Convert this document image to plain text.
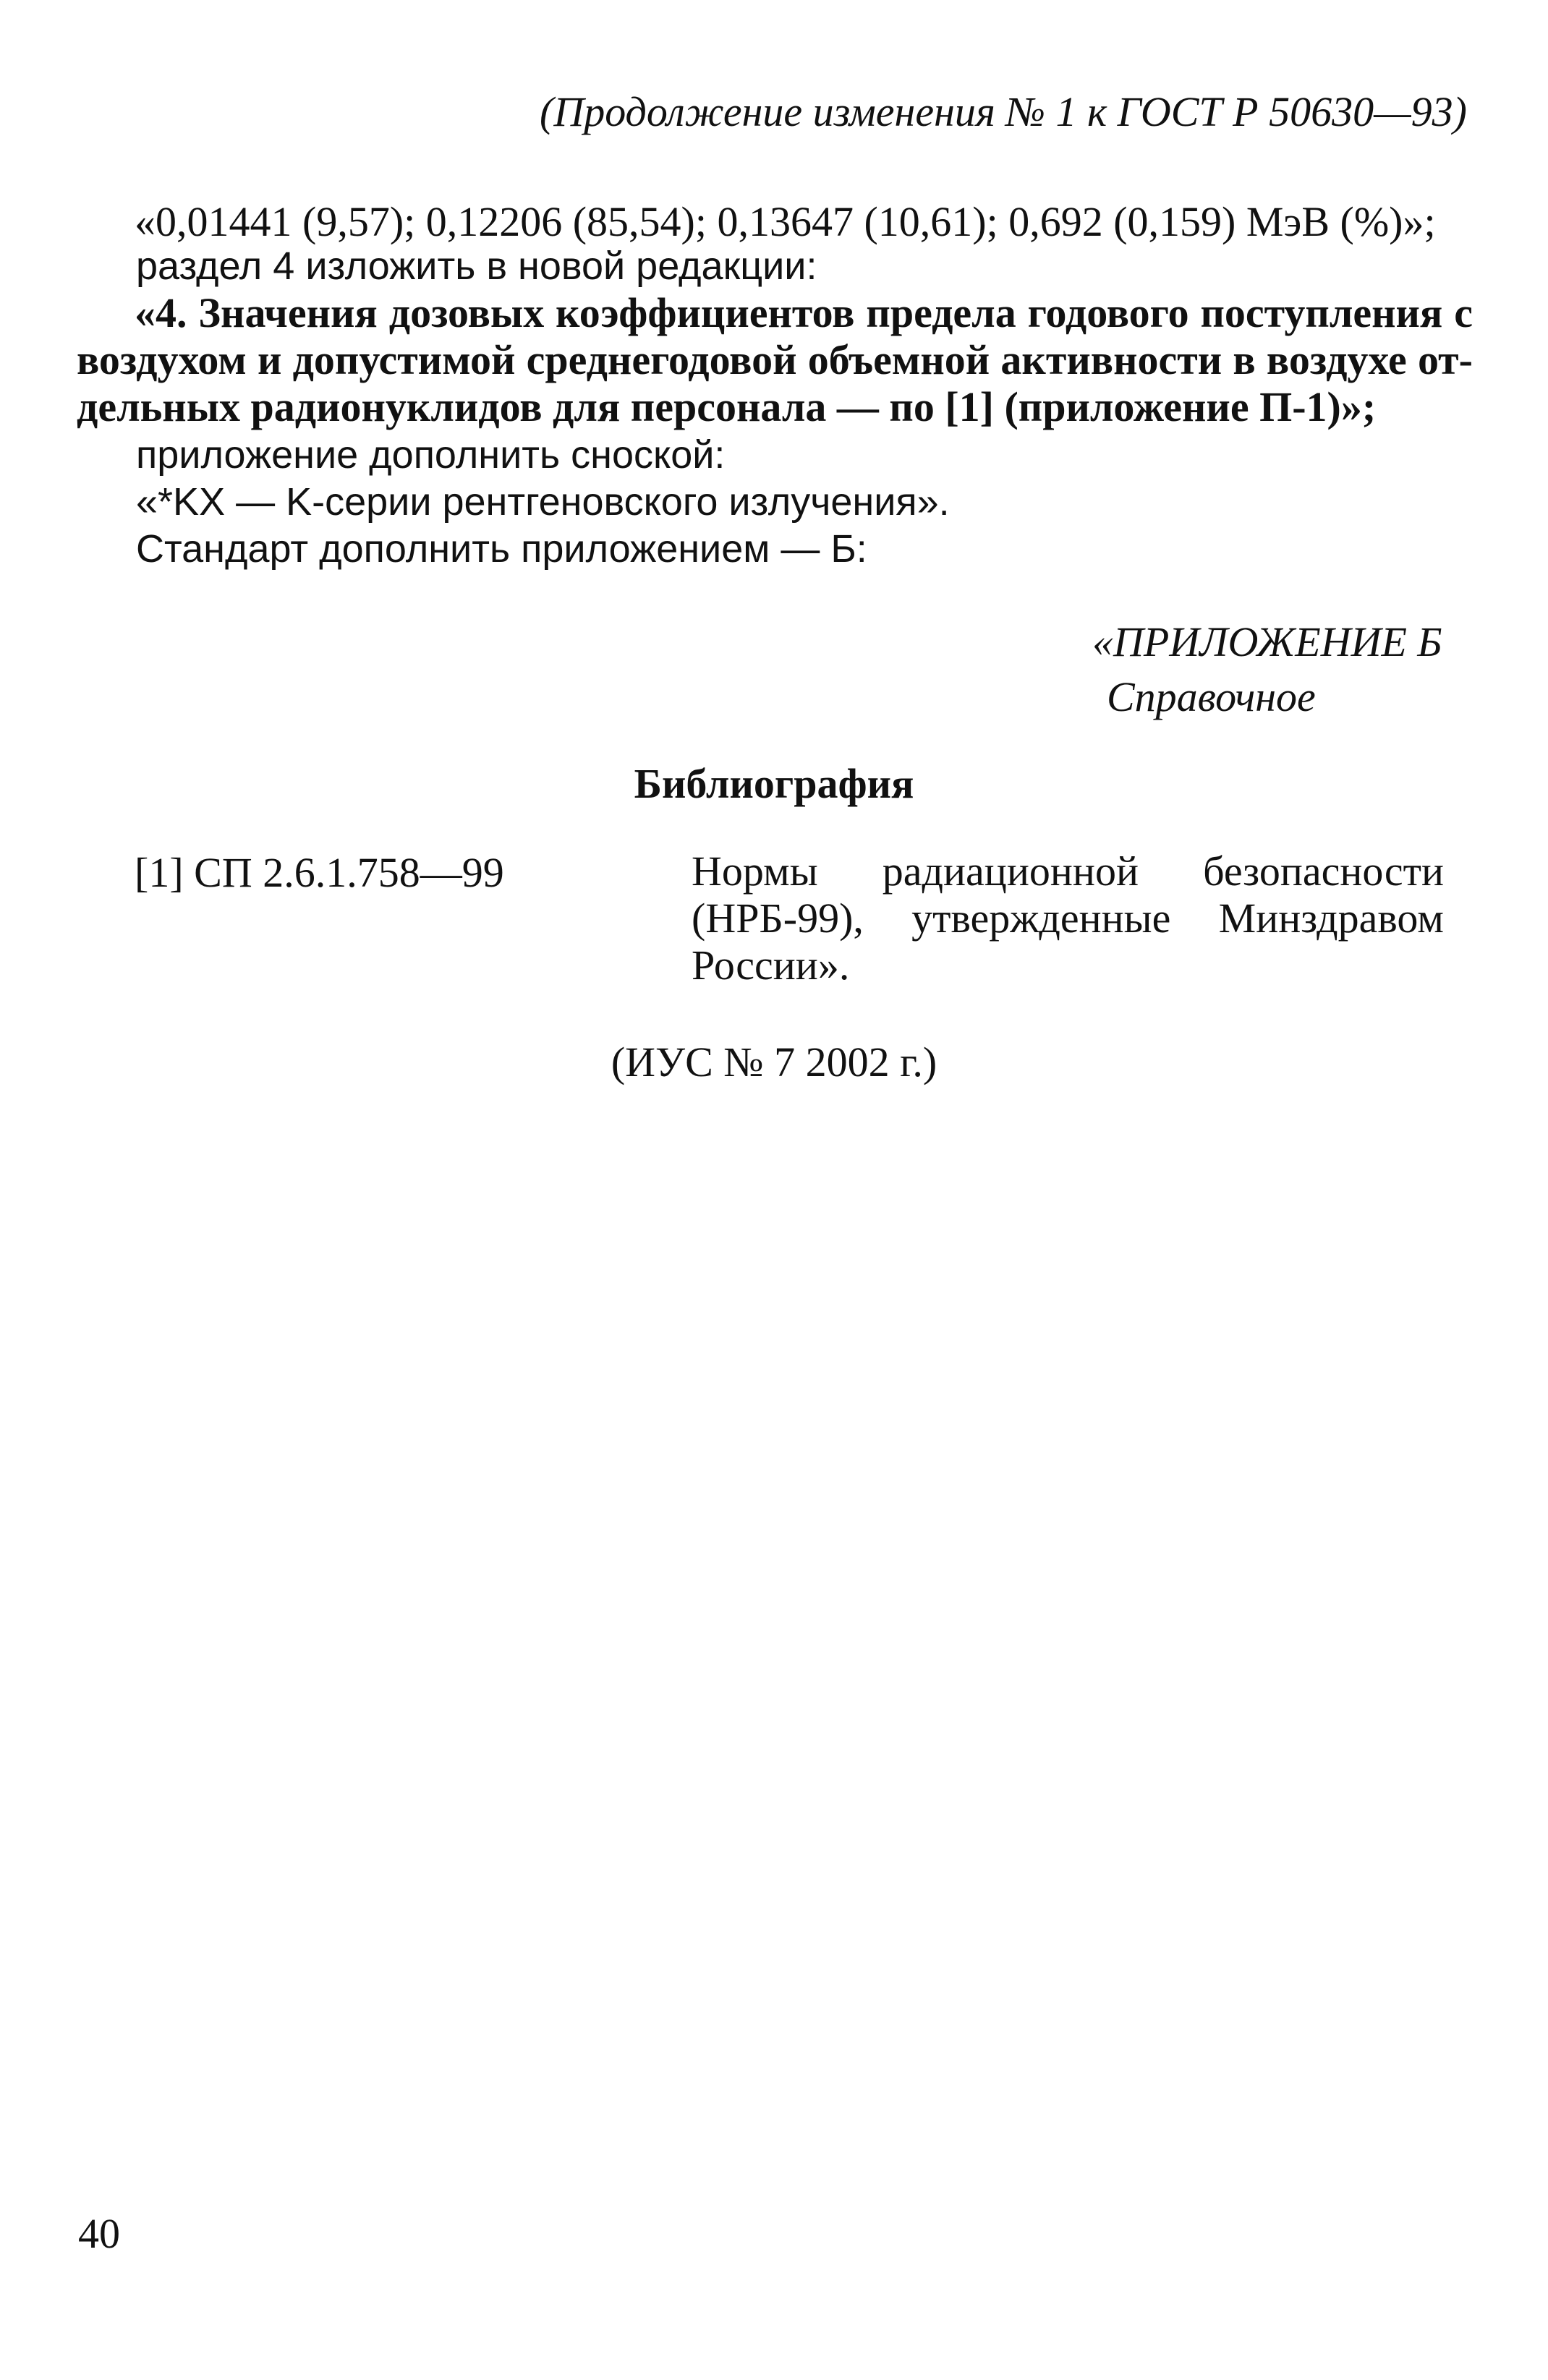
(Продолжение изменения № 1 к ГОСТ Р 50630—93)
«0,01441 (9,57); 0,12206 (85,54); 0,13647 (10,61); 0,692 (0,159) МэВ (%)»;
раздел 4 изложить в новой редакции:
«4. Значения дозовых коэффициентов предела годового поступления с
воздухом и допустимой среднегодовой объемной активности в воздухе от-
дельных радионуклидов для персонала — по [1] (приложение П-1)»;
приложение дополнить сноской:
«*KX — K-серии рентгеновского излучения».
Стандарт дополнить приложением — Б:
«ПРИЛОЖЕНИЕ Б
Справочное
Библиография
[1] СП 2.6.1.758—99	Нормы радиационной безопасности
(НРБ-99), утвержденные Минздравом
России».
(ИУС № 7 2002 г.)
40
